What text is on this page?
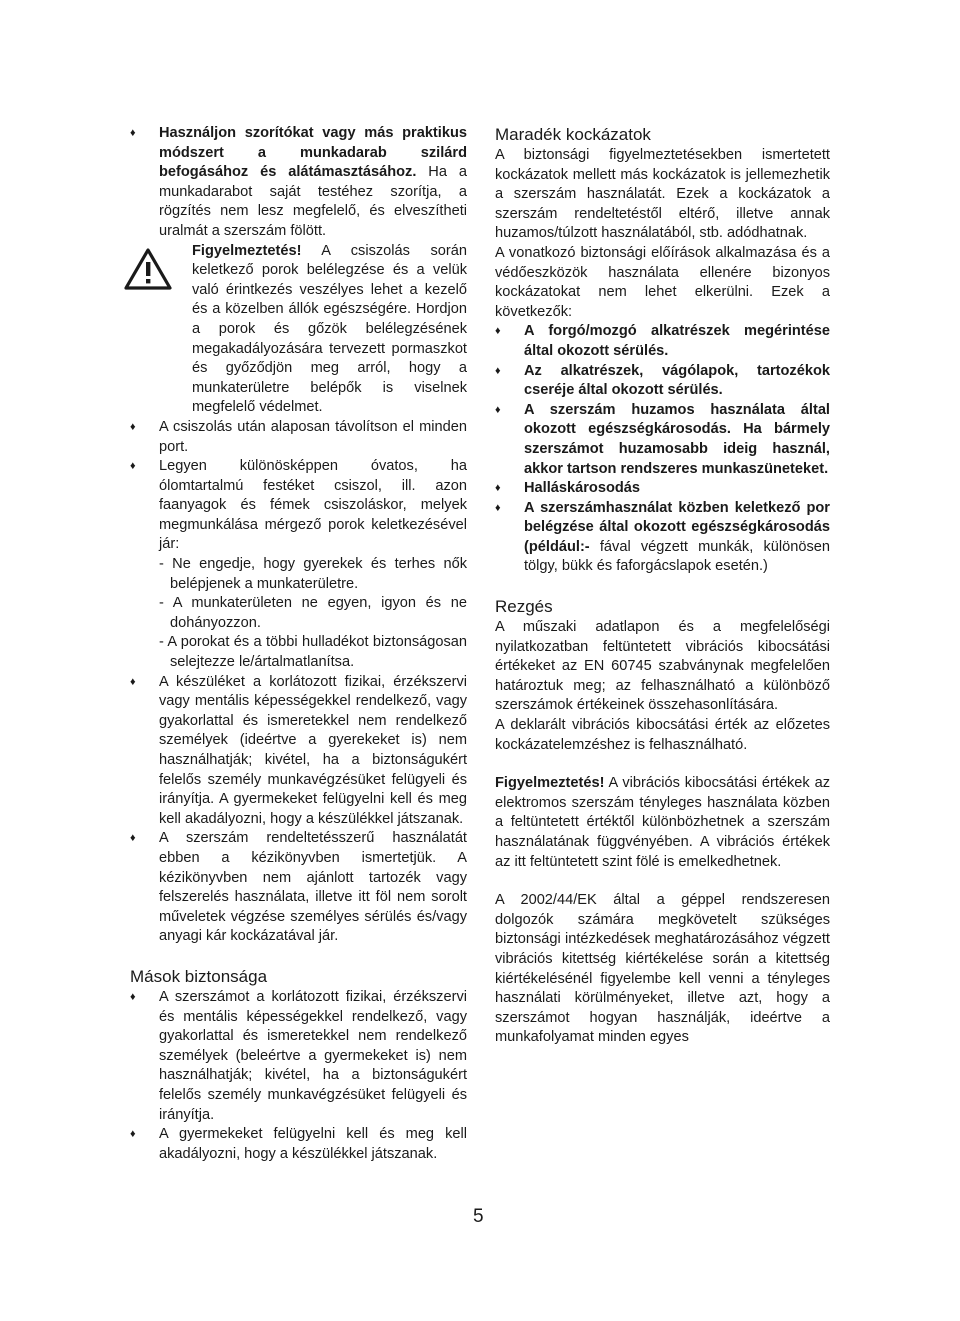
♦ Használjon szorítókat vagy más praktikus módszert a munkadarab szilárd befogásához és alátámasztásához. Ha a munkadarabot saját testéhez szorítja, a rögzítés nem lesz megfelelő, és elveszítheti uralmát a szerszám fölött.
Figyelmeztetés! A csiszolás során keletkező porok belélegzése és a velük való érintkezés veszélyes lehet a kezelő és a közelben állók egészségére. Hordjon a porok és gőzök belélegzésének megakadályozására tervezett pormaszkot és győződjön meg arról, hogy a munkaterületre belépők is viselnek megfelelő védelmet.
♦ A csiszolás után alaposan távolítson el minden port.
♦ Legyen különösképpen óvatos, ha ólomtartalmú festéket csiszol, ill. azon faanyagok és fémek csiszoláskor, melyek megmunkálása mérgező porok keletkezésével jár:

- Ne engedje, hogy gyerekek és terhes nők belépjenek a munkaterületre.

- A munkaterületen ne egyen, igyon és ne dohányozzon.

- A porokat és a többi hulladékot biztonságosan selejtezze le/ártalmatlanítsa.

♦ A készüléket a korlátozott fizikai, érzékszervi vagy mentális képességekkel rendelkező, vagy gyakorlattal és ismeretekkel nem rendelkező személyek (ideértve a gyerekeket is) nem használhatják; kivétel, ha a biztonságukért felelős személy munkavégzésüket felügyeli és irányítja. A gyermekeket felügyelni kell és meg kell akadályozni, hogy a készülékkel játszanak.
♦ A szerszám rendeltetésszerű használatát ebben a kézikönyvben ismertetjük. A kézikönyvben nem ajánlott tartozék vagy felszerelés használata, illetve itt föl nem sorolt műveletek végzése személyes sérülés és/vagy anyagi kár kockázatával jár.
Mások biztonsága
♦ A szerszámot a korlátozott fizikai, érzékszervi és mentális képességekkel rendelkező, vagy gyakorlattal és ismeretekkel nem rendelkező személyek (beleértve a gyermekeket is) nem használhatják; kivétel, ha a biztonságukért felelős személy munkavégzésüket felügyeli és irányítja.
♦ A gyermekeket felügyelni kell és meg kell akadályozni, hogy a készülékkel játszanak.
Maradék kockázatok

A biztonsági figyelmeztetésekben ismertetett kockázatok mellett más kockázatok is jellemezhetik a szerszám használatát. Ezek a kockázatok a szerszám rendeltetéstől eltérő, illetve annak huzamos/túlzott használatából, stb. adódhatnak.

A vonatkozó biztonsági előírások alkalmazása és a védőeszközök használata ellenére bizonyos kockázatokat nem lehet elkerülni. Ezek a következők:

♦ A forgó/mozgó alkatrészek megérintése által okozott sérülés.
♦ Az alkatrészek, vágólapok, tartozékok cseréje által okozott sérülés.
♦ A szerszám huzamos használata által okozott egészségkárosodás. Ha bármely szerszámot huzamosabb ideig használ, akkor tartson rendszeres munkaszüneteket.
♦ Halláskárosodás
♦ A szerszámhasználat közben keletkező por belégzése által okozott egészségkárosodás (például:- fával végzett munkák, különösen tölgy, bükk és faforgácslapok esetén.)
Rezgés

A műszaki adatlapon és a megfelelőségi nyilatkozatban feltüntetett vibrációs kibocsátási értékeket az EN 60745 szabványnak megfelelően határoztuk meg; az felhasználható a különböző szerszámok értékeinek összehasonlítására.

A deklarált vibrációs kibocsátási érték az előzetes kockázatelemzéshez is felhasználható.

Figyelmeztetés! A vibrációs kibocsátási értékek az elektromos szerszám tényleges használata közben a feltüntetett értéktől különbözhetnek a szerszám használatának függvényében. A vibrációs értékek az itt feltüntetett szint fölé is emelkedhetnek.

A 2002/44/EK által a géppel rendszeresen dolgozók számára megkövetelt szükséges biztonsági intézkedések meghatározásához végzett vibrációs kitettség kiértékelése során a kitettség kiértékelésénél figyelembe kell venni a tényleges használati körülményeket, illetve azt, hogy a szerszámot hogyan használják, ideértve a munkafolyamat minden egyes

5
